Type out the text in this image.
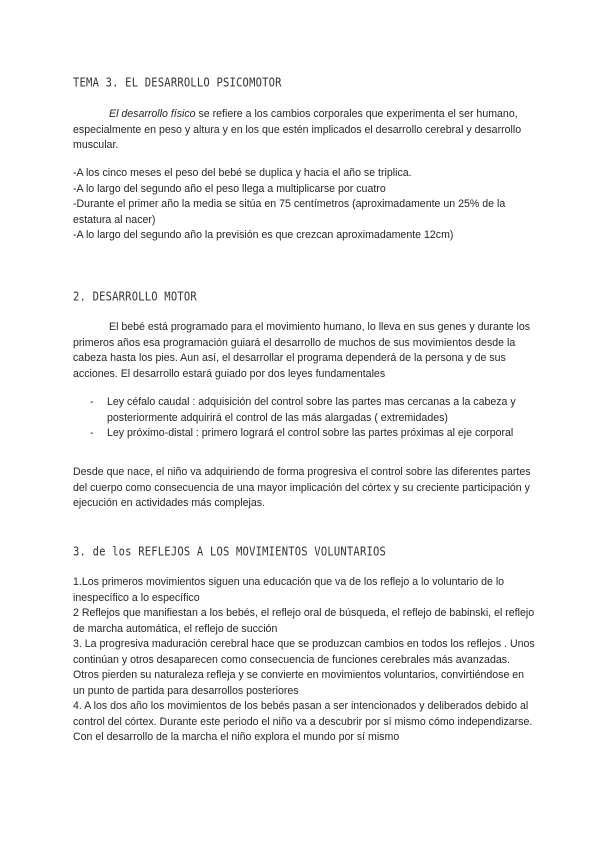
TEMA 3. EL DESARROLLO PSICOMOTOR

El desarrollo físico se refiere a los cambios corporales que experimenta el ser humano, especialmente en peso y altura y en los que estén implicados el desarrollo cerebral y desarrollo muscular.

-A los cinco meses el peso del bebé se duplica y hacia el año se triplica.
-A lo largo del segundo año el peso llega a multiplicarse por cuatro
-Durante el primer año la media se sitúa en 75 centímetros (aproximadamente un 25% de la estatura al nacer)
-A lo largo del segundo año la previsión es que crezcan aproximadamente 12cm)
2. DESARROLLO MOTOR

El bebé está programado para el movimiento humano, lo lleva en sus genes y durante los primeros años esa programación guiará el desarrollo de muchos de sus movimientos desde la cabeza hasta los pies. Aun así, el desarrollar el programa dependerá de la persona y de sus acciones. El desarrollo estará guiado por dos leyes fundamentales

- Ley céfalo caudal : adquisición del control sobre las partes mas cercanas a la cabeza y posteriormente adquirirá el control de las más alargadas ( extremidades)
- Ley próximo-distal : primero logrará el control sobre las partes próximas al eje corporal

Desde que nace, el niño va adquiriendo de forma progresiva el control sobre las diferentes partes del cuerpo como consecuencia de una mayor implicación del córtex y su creciente participación y ejecución en actividades más complejas.

3. de los REFLEJOS A LOS MOVIMIENTOS VOLUNTARIOS
1.Los primeros movimientos siguen una educación que va de los reflejo a lo voluntario de lo inespecífico a lo específico
2 Reflejos que manifiestan a los bebés, el reflejo oral de búsqueda, el reflejo de babinski, el reflejo de marcha automática, el reflejo de succión
3. La progresiva maduración cerebral hace que se produzcan cambios en todos los reflejos . Unos continúan y otros desaparecen como consecuencia de funciones cerebrales más avanzadas. Otros pierden su naturaleza refleja y se convierte en movimientos voluntarios, convirtiéndose en un punto de partida para desarrollos posteriores
4. A los dos año los movimientos de los bebés pasan a ser intencionados y deliberados debido al control del córtex. Durante este periodo el niño va a descubrir por sí mismo cómo independizarse. Con el desarrollo de la marcha el niño explora el mundo por sí mismo
